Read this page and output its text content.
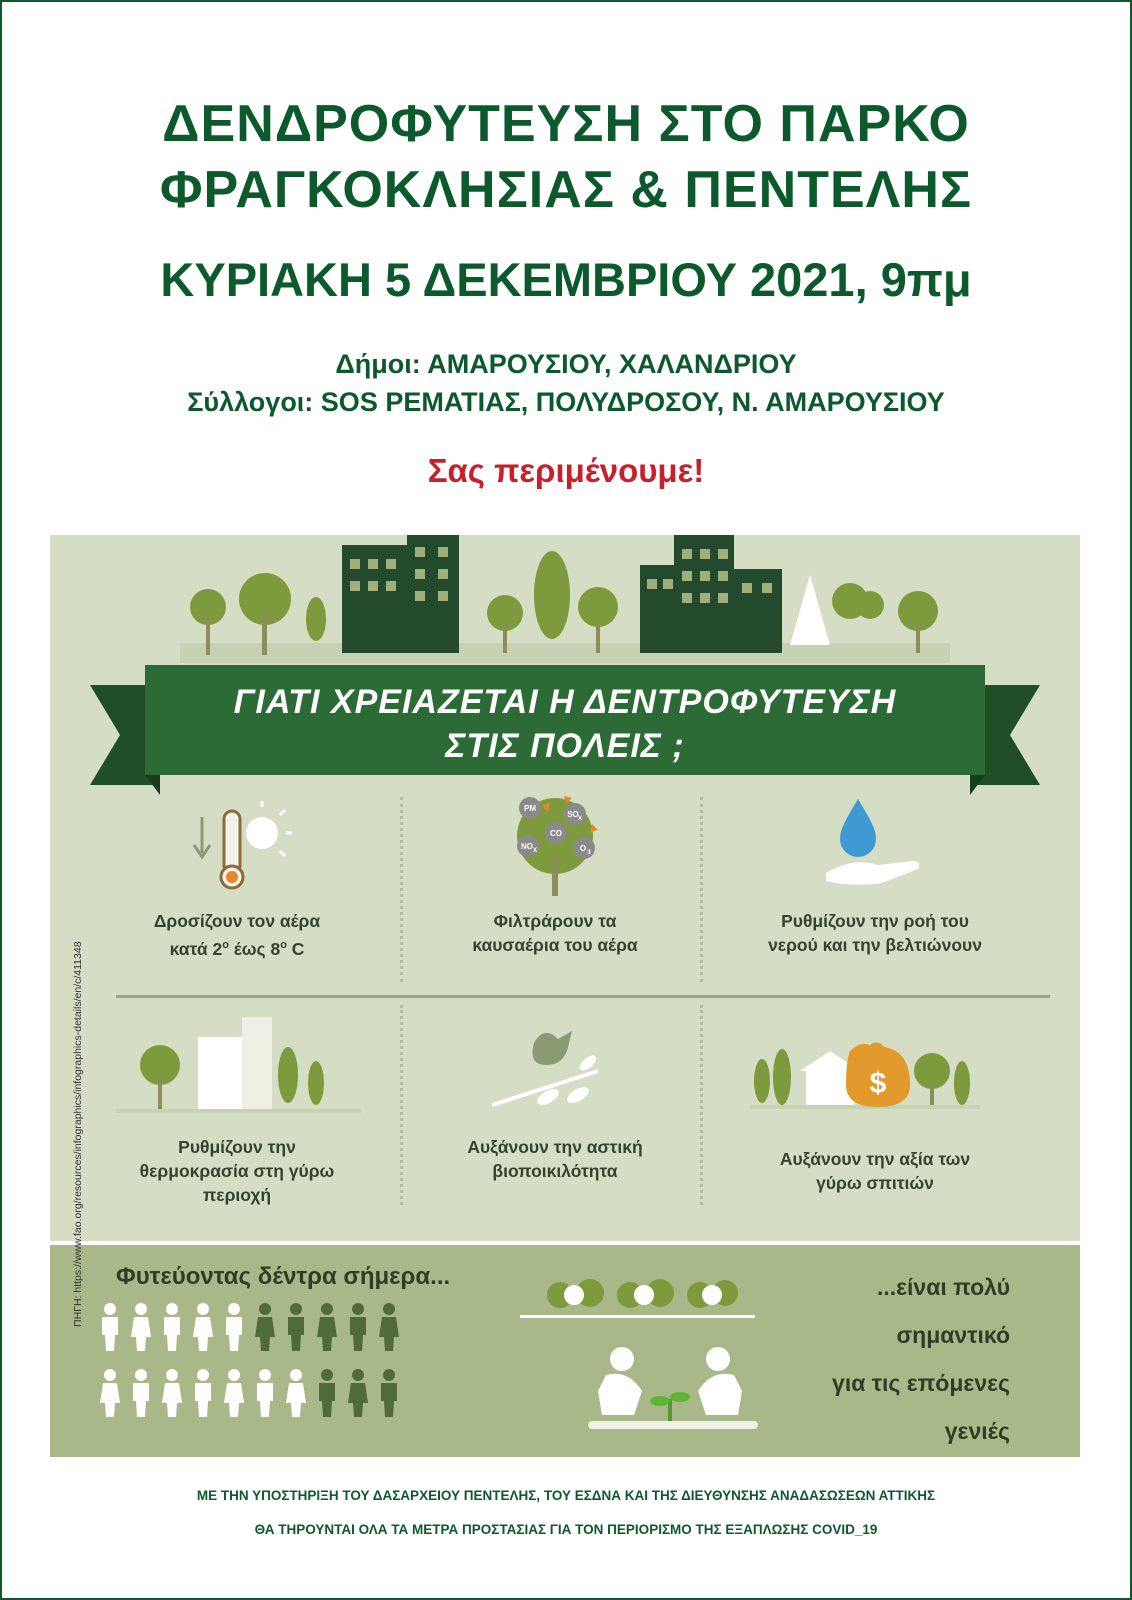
ΔΕΝΔΡΟΦΥΤΕΥΣΗ ΣΤΟ ΠΑΡΚΟ
ΦΡΑΓΚΟΚΛΗΣΙΑΣ & ΠΕΝΤΕΛΗΣ
ΚΥΡΙΑΚΗ 5 ΔΕΚΕΜΒΡΙΟΥ 2021, 9πμ
Δήμοι: ΑΜΑΡΟΥΣΙΟΥ, ΧΑΛΑΝΔΡΙΟΥ
Σύλλογοι: SOS ΡΕΜΑΤΙΑΣ, ΠΟΛΥΔΡΟΣΟΥ, Ν. ΑΜΑΡΟΥΣΙΟΥ
Σας περιμένουμε!
ΓΙΑΤΙ ΧΡΕΙΑΖΕΤΑΙ Η ΔΕΝΤΡΟΦΥΤΕΥΣΗ
ΣΤΙΣ ΠΟΛΕΙΣ ;
PM
SO X
CO
NO X	O 3
Δροσίζουν τον αέρα
κατά $2^o$ έως $8^o$ C
Φιλτράρουν τα
καυσαέρια του αέρα
Ρυθμίζουν την ροή του
νερού και την βελτιώνουν
$
Ρυθμίζουν την
θερμοκρασία στη γύρω
περιοχή
Αυξάνουν την αστική
βιοποικιλότητα
Αυξάνουν την αξία των
γύρω σπιτιών
Φυτεύοντας δέντρα σήμερα...	...είναι πολύ
σημαντικό
για τις επόμενες
γενιές
ΠΗΓΗ: https://www.fao.org/resources/infographics/infographics-details/en/c/411348
ΜΕ ΤΗΝ ΥΠΟΣΤΗΡΙΞΗ ΤΟΥ ΔΑΣΑΡΧΕΙΟΥ ΠΕΝΤΕΛΗΣ, ΤΟΥ ΕΣΔΝΑ ΚΑΙ ΤΗΣ ΔΙΕΥΘΥΝΣΗΣ ΑΝΑΔΑΣΩΣΕΩΝ ΑΤΤΙΚΗΣ
ΘΑ ΤΗΡΟΥΝΤΑΙ ΟΛΑ ΤΑ ΜΕΤΡΑ ΠΡΟΣΤΑΣΙΑΣ ΓΙΑ ΤΟΝ ΠΕΡΙΟΡΙΣΜΟ ΤΗΣ ΕΞΑΠΛΩΣΗΣ COVID_19
